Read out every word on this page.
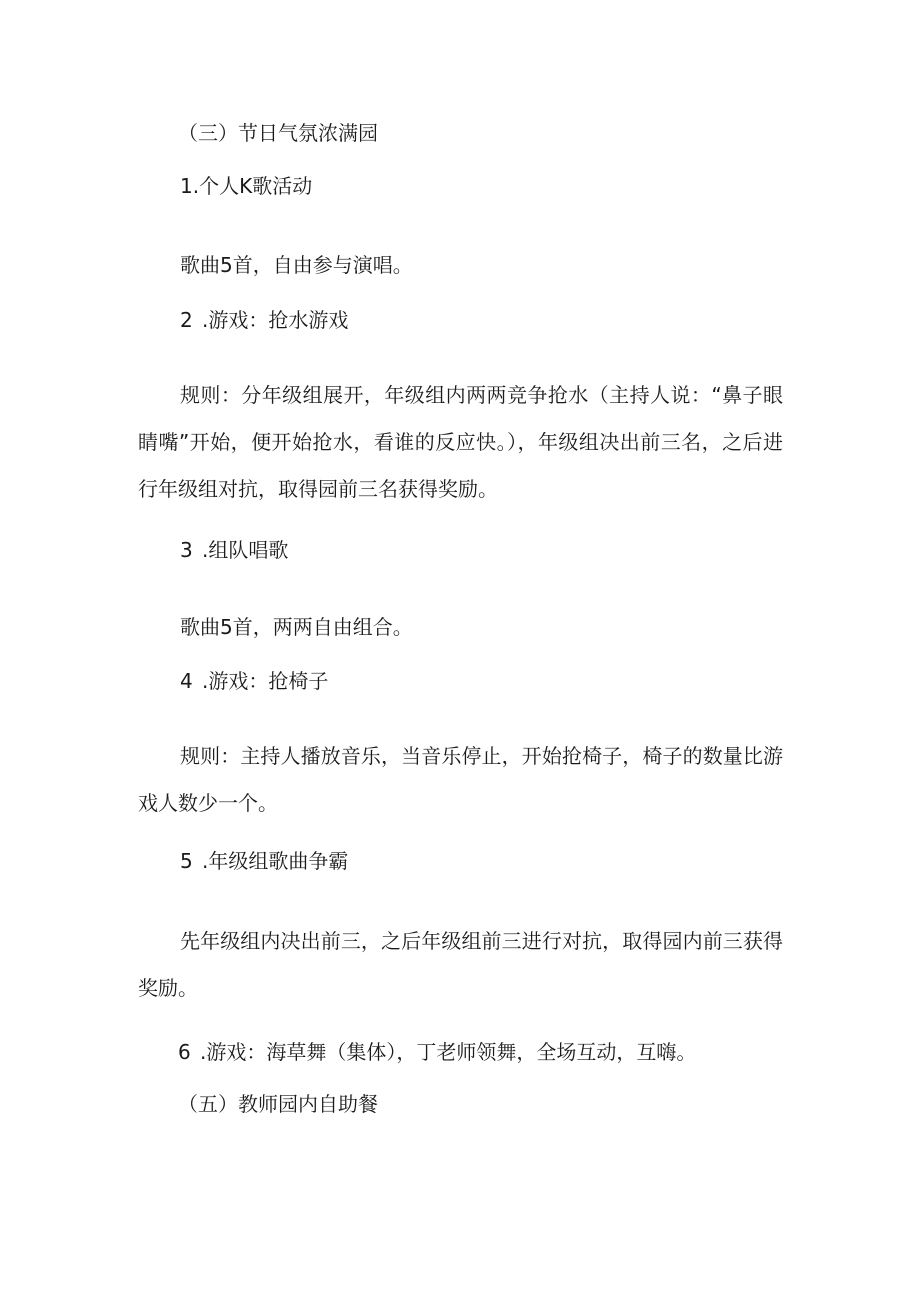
（三）节日气氛浓满园
1.个人K歌活动
歌曲5首，自由参与演唱。
2 .游戏：抢水游戏
规则：分年级组展开，年级组内两两竞争抢水（主持人说：“鼻子眼睛嘴”开始，便开始抢水，看谁的反应快。），年级组决出前三名，之后进行年级组对抗，取得园前三名获得奖励。
3 .组队唱歌
歌曲5首，两两自由组合。
4 .游戏：抢椅子
规则：主持人播放音乐，当音乐停止，开始抢椅子，椅子的数量比游戏人数少一个。
5 .年级组歌曲争霸
先年级组内决出前三，之后年级组前三进行对抗，取得园内前三获得奖励。
6 .游戏：海草舞（集体），丁老师领舞，全场互动，互嗨。
（五）教师园内自助餐
